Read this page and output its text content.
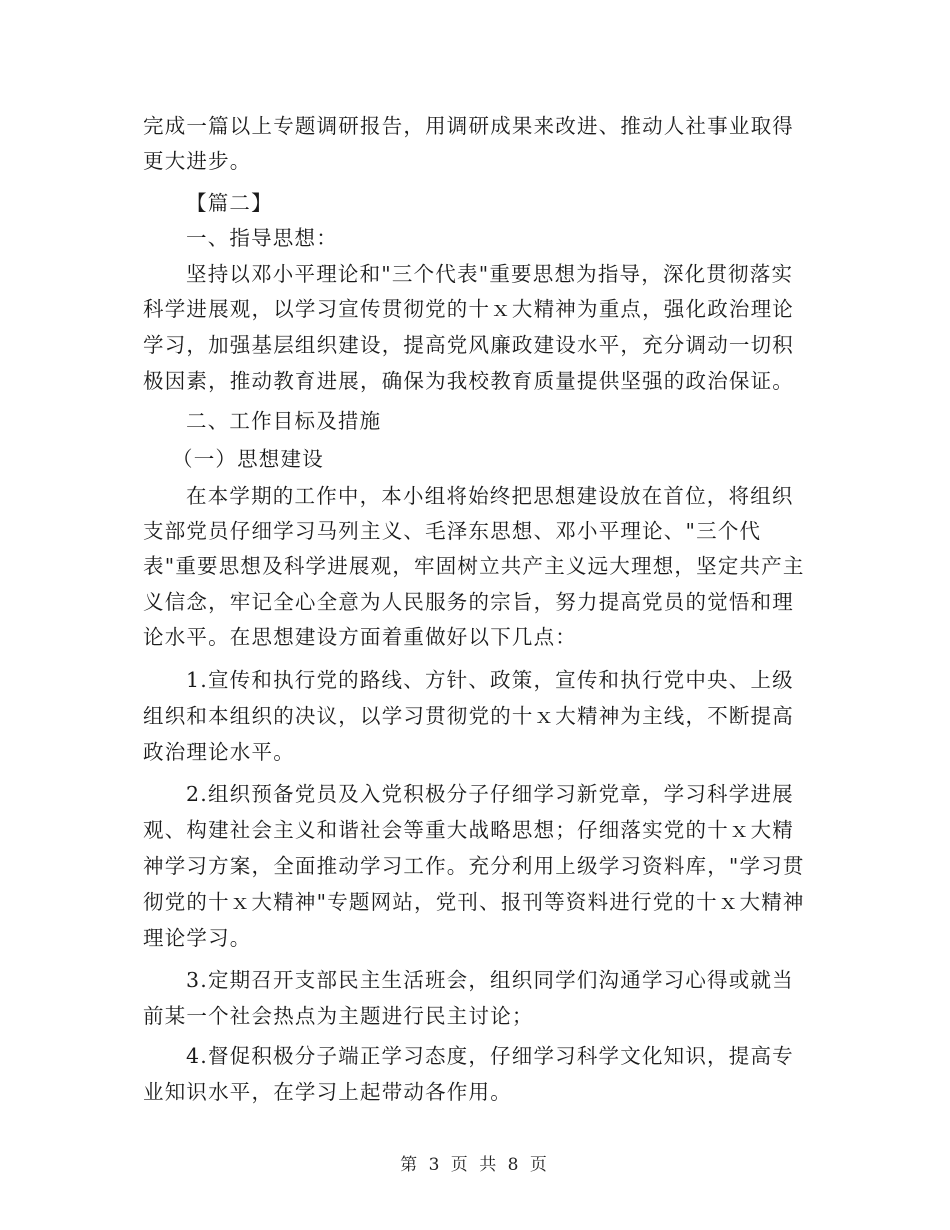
完成一篇以上专题调研报告，用调研成果来改进、推动人社事业取得
更大进步。
【篇二】
一、指导思想：
坚持以邓小平理论和"三个代表"重要思想为指导，深化贯彻落实
科学进展观，以学习宣传贯彻党的十ｘ大精神为重点，强化政治理论
学习，加强基层组织建设，提高党风廉政建设水平，充分调动一切积
极因素，推动教育进展，确保为我校教育质量提供坚强的政治保证。
二、工作目标及措施
（一）思想建设
在本学期的工作中，本小组将始终把思想建设放在首位，将组织
支部党员仔细学习马列主义、毛泽东思想、邓小平理论、"三个代
表"重要思想及科学进展观，牢固树立共产主义远大理想，坚定共产主
义信念，牢记全心全意为人民服务的宗旨，努力提高党员的觉悟和理
论水平。在思想建设方面着重做好以下几点：
1.宣传和执行党的路线、方针、政策，宣传和执行党中央、上级
组织和本组织的决议，以学习贯彻党的十ｘ大精神为主线，不断提高
政治理论水平。
2.组织预备党员及入党积极分子仔细学习新党章，学习科学进展
观、构建社会主义和谐社会等重大战略思想；仔细落实党的十ｘ大精
神学习方案，全面推动学习工作。充分利用上级学习资料库，"学习贯
彻党的十ｘ大精神"专题网站，党刊、报刊等资料进行党的十ｘ大精神
理论学习。
3.定期召开支部民主生活班会，组织同学们沟通学习心得或就当
前某一个社会热点为主题进行民主讨论；
4.督促积极分子端正学习态度，仔细学习科学文化知识，提高专
业知识水平，在学习上起带动各作用。
第 3 页 共 8 页
